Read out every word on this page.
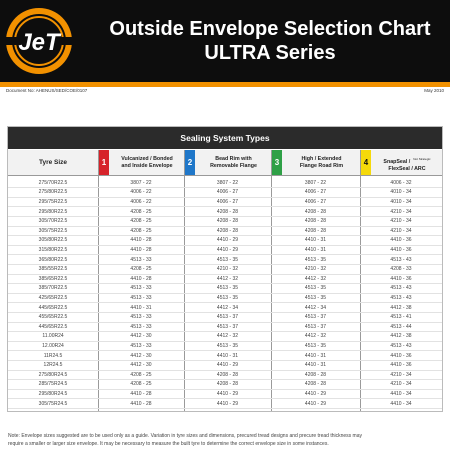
JeT	Outside Envelope Selection Chart
ULTRA Series
Document No: AHENUS/SED/COE/0107	May 2010
Sealing System Types
Tyre Size	1	Vulcanized / Bonded
and Inside Envelope	2	Bead Rim with
Removable Flange	3	High / Extended
Flange Road Rim	4	SnapSeal / $^{Not Strategic}$
FlexSeal / ARC
275/70R22.5	3807 - 22	3807 - 22	3807 - 22	4006 - 32
275/80R22.5	4006 - 22	4006 - 27	4006 - 27	4010 - 34
295/75R22.5	4006 - 22	4006 - 27	4006 - 27	4010 - 34
295/80R22.5	4208 - 25	4208 - 28	4208 - 28	4210 - 34
305/70R22.5	4208 - 25	4208 - 28	4208 - 28	4210 - 34
305/75R22.5	4208 - 25	4208 - 28	4208 - 28	4210 - 34
305/80R22.5	4410 - 28	4410 - 29	4410 - 31	4410 - 36
315/80R22.5	4410 - 28	4410 - 29	4410 - 31	4410 - 36
365/80R22.5	4513 - 33	4513 - 35	4513 - 35	4513 - 43
385/55R22.5	4208 - 25	4210 - 32	4210 - 32	4208 - 33
385/65R22.5	4410 - 28	4412 - 32	4412 - 32	4410 - 36
385/70R22.5	4513 - 33	4513 - 35	4513 - 35	4513 - 43
425/65R22.5	4513 - 33	4513 - 35	4513 - 35	4513 - 43
445/65R22.5	4410 - 31	4412 - 34	4412 - 34	4412 - 38
455/65R22.5	4513 - 33	4513 - 37	4513 - 37	4513 - 41
445/65R22.5	4513 - 33	4513 - 37	4513 - 37	4513 - 44
11.00R24	4412 - 30	4412 - 32	4412 - 32	4412 - 38
12.00R24	4513 - 33	4513 - 35	4513 - 35	4513 - 43
11R24.5	4412 - 30	4410 - 31	4410 - 31	4410 - 36
12R24.5	4412 - 30	4410 - 29	4410 - 31	4410 - 36
275/80R24.5	4208 - 25	4208 - 28	4208 - 28	4210 - 34
285/75R24.5	4208 - 25	4208 - 28	4208 - 28	4210 - 34
295/80R24.5	4410 - 28	4410 - 29	4410 - 29	4410 - 34
305/75R24.5	4410 - 28	4410 - 29	4410 - 29	4410 - 34
Note: Envelope sizes suggested are to be used only as a guide. Variation in tyre sizes and dimensions, precured tread designs and precure tread thickness may
require a smaller or larger size envelope. It may be necessary to measure the built tyre to determine the correct envelope size in some instances.
